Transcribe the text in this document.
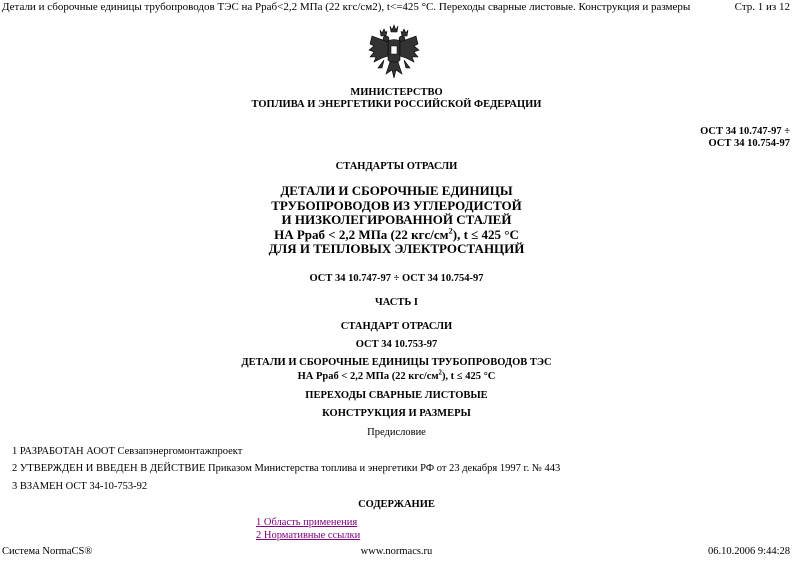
Детали и сборочные единицы трубопроводов ТЭС на Рраб<2,2 МПа (22 кгс/см2), t<=425 °С. Переходы сварные листовые. Конструкция и размеры	Стр. 1 из 12
МИНИСТЕРСТВО
ТОПЛИВА И ЭНЕРГЕТИКИ РОССИЙСКОЙ ФЕДЕРАЦИИ
ОСТ 34 10.747-97 ÷
ОСТ 34 10.754-97
СТАНДАРТЫ ОТРАСЛИ
ДЕТАЛИ И СБОРОЧНЫЕ ЕДИНИЦЫ
ТРУБОПРОВОДОВ ИЗ УГЛЕРОДИСТОЙ
И НИЗКОЛЕГИРОВАННОЙ СТАЛЕЙ
НА Рраб < 2,2 МПа (22 кгс/$см^2$), t ≤ 425 °С
ДЛЯ И ТЕПЛОВЫХ ЭЛЕКТРОСТАНЦИЙ
ОСТ 34 10.747-97 ÷ ОСТ 34 10.754-97
ЧАСТЬ I
СТАНДАРТ ОТРАСЛИ
ОСТ 34 10.753-97
ДЕТАЛИ И СБОРОЧНЫЕ ЕДИНИЦЫ ТРУБОПРОВОДОВ ТЭС
НА Рраб < 2,2 МПа (22 кгс/$см^2$), t ≤ 425 °С
ПЕРЕХОДЫ СВАРНЫЕ ЛИСТОВЫЕ
КОНСТРУКЦИЯ И РАЗМЕРЫ
Предисловие
1 РАЗРАБОТАН АООТ Севзапэнергомонтажпроект
2 УТВЕРЖДЕН И ВВЕДЕН В ДЕЙСТВИЕ Приказом Министерства топлива и энергетики РФ от 23 декабря 1997 г. № 443
3 ВЗАМЕН ОСТ 34-10-753-92
СОДЕРЖАНИЕ
1 Область применения
2 Нормативные ссылки
Система NormaCS®	www.normacs.ru	06.10.2006 9:44:28
